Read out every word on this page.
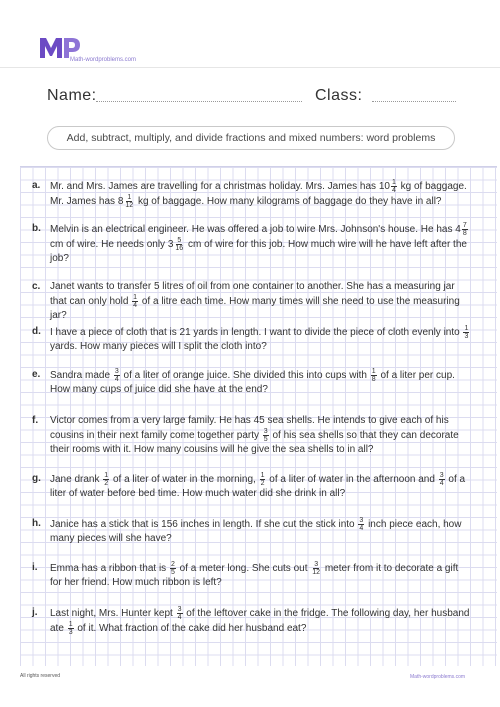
Math-wordproblems.com
Name:	Class:
Add, subtract, multiply, and divide fractions and mixed numbers: word problems
a. Mr. and Mrs. James are travelling for a christmas holiday. Mrs. James has $10 \frac{1}{4}$ kg of baggage. Mr. James has $8 \frac{1}{12}$ kg of baggage. How many kilograms of baggage do they have in all?
b. Melvin is an electrical engineer. He was offered a job to wire Mrs. Johnson's house. He has $4 \frac{7}{8}$
cm of wire. He needs only $3 \frac{5}{16}$ cm of wire for this job. How much wire will he have left after the job?
c. Janet wants to transfer 5 litres of oil from one container to another. She has a measuring jar that can only hold $\frac{1}{4}$ of a litre each time. How many times will she need to use the measuring jar?
d. I have a piece of cloth that is 21 yards in length. I want to divide the piece of cloth evenly into $\frac{1}{3}$
yards. How many pieces will I split the cloth into?
e. Sandra made $\frac{3}{4}$ of a liter of orange juice. She divided this into cups with $\frac{1}{8}$ of a liter per cup. How many cups of juice did she have at the end?
f. Victor comes from a very large family. He has 45 sea shells. He intends to give each of his cousins in their next family come together party $\frac{3}{5}$ of his sea shells so that they can decorate their rooms with it. How many cousins will he give the sea shells to in all?
g. Jane drank $\frac{1}{2}$ of a liter of water in the morning, $\frac{1}{2}$ of a liter of water in the afternoon and $\frac{3}{4}$ of a liter of water before bed time. How much water did she drink in all?
h. Janice has a stick that is 156 inches in length. If she cut the stick into $\frac{3}{4}$ inch piece each, how many pieces will she have?
i. Emma has a ribbon that is $\frac{2}{5}$ of a meter long. She cuts out $\frac{3}{12}$ meter from it to decorate a gift for her friend. How much ribbon is left?
j. Last night, Mrs. Hunter kept $\frac{3}{4}$ of the leftover cake in the fridge. The following day, her husband ate $\frac{1}{3}$ of it. What fraction of the cake did her husband eat?
All rights reserved	Math-wordproblems.com
